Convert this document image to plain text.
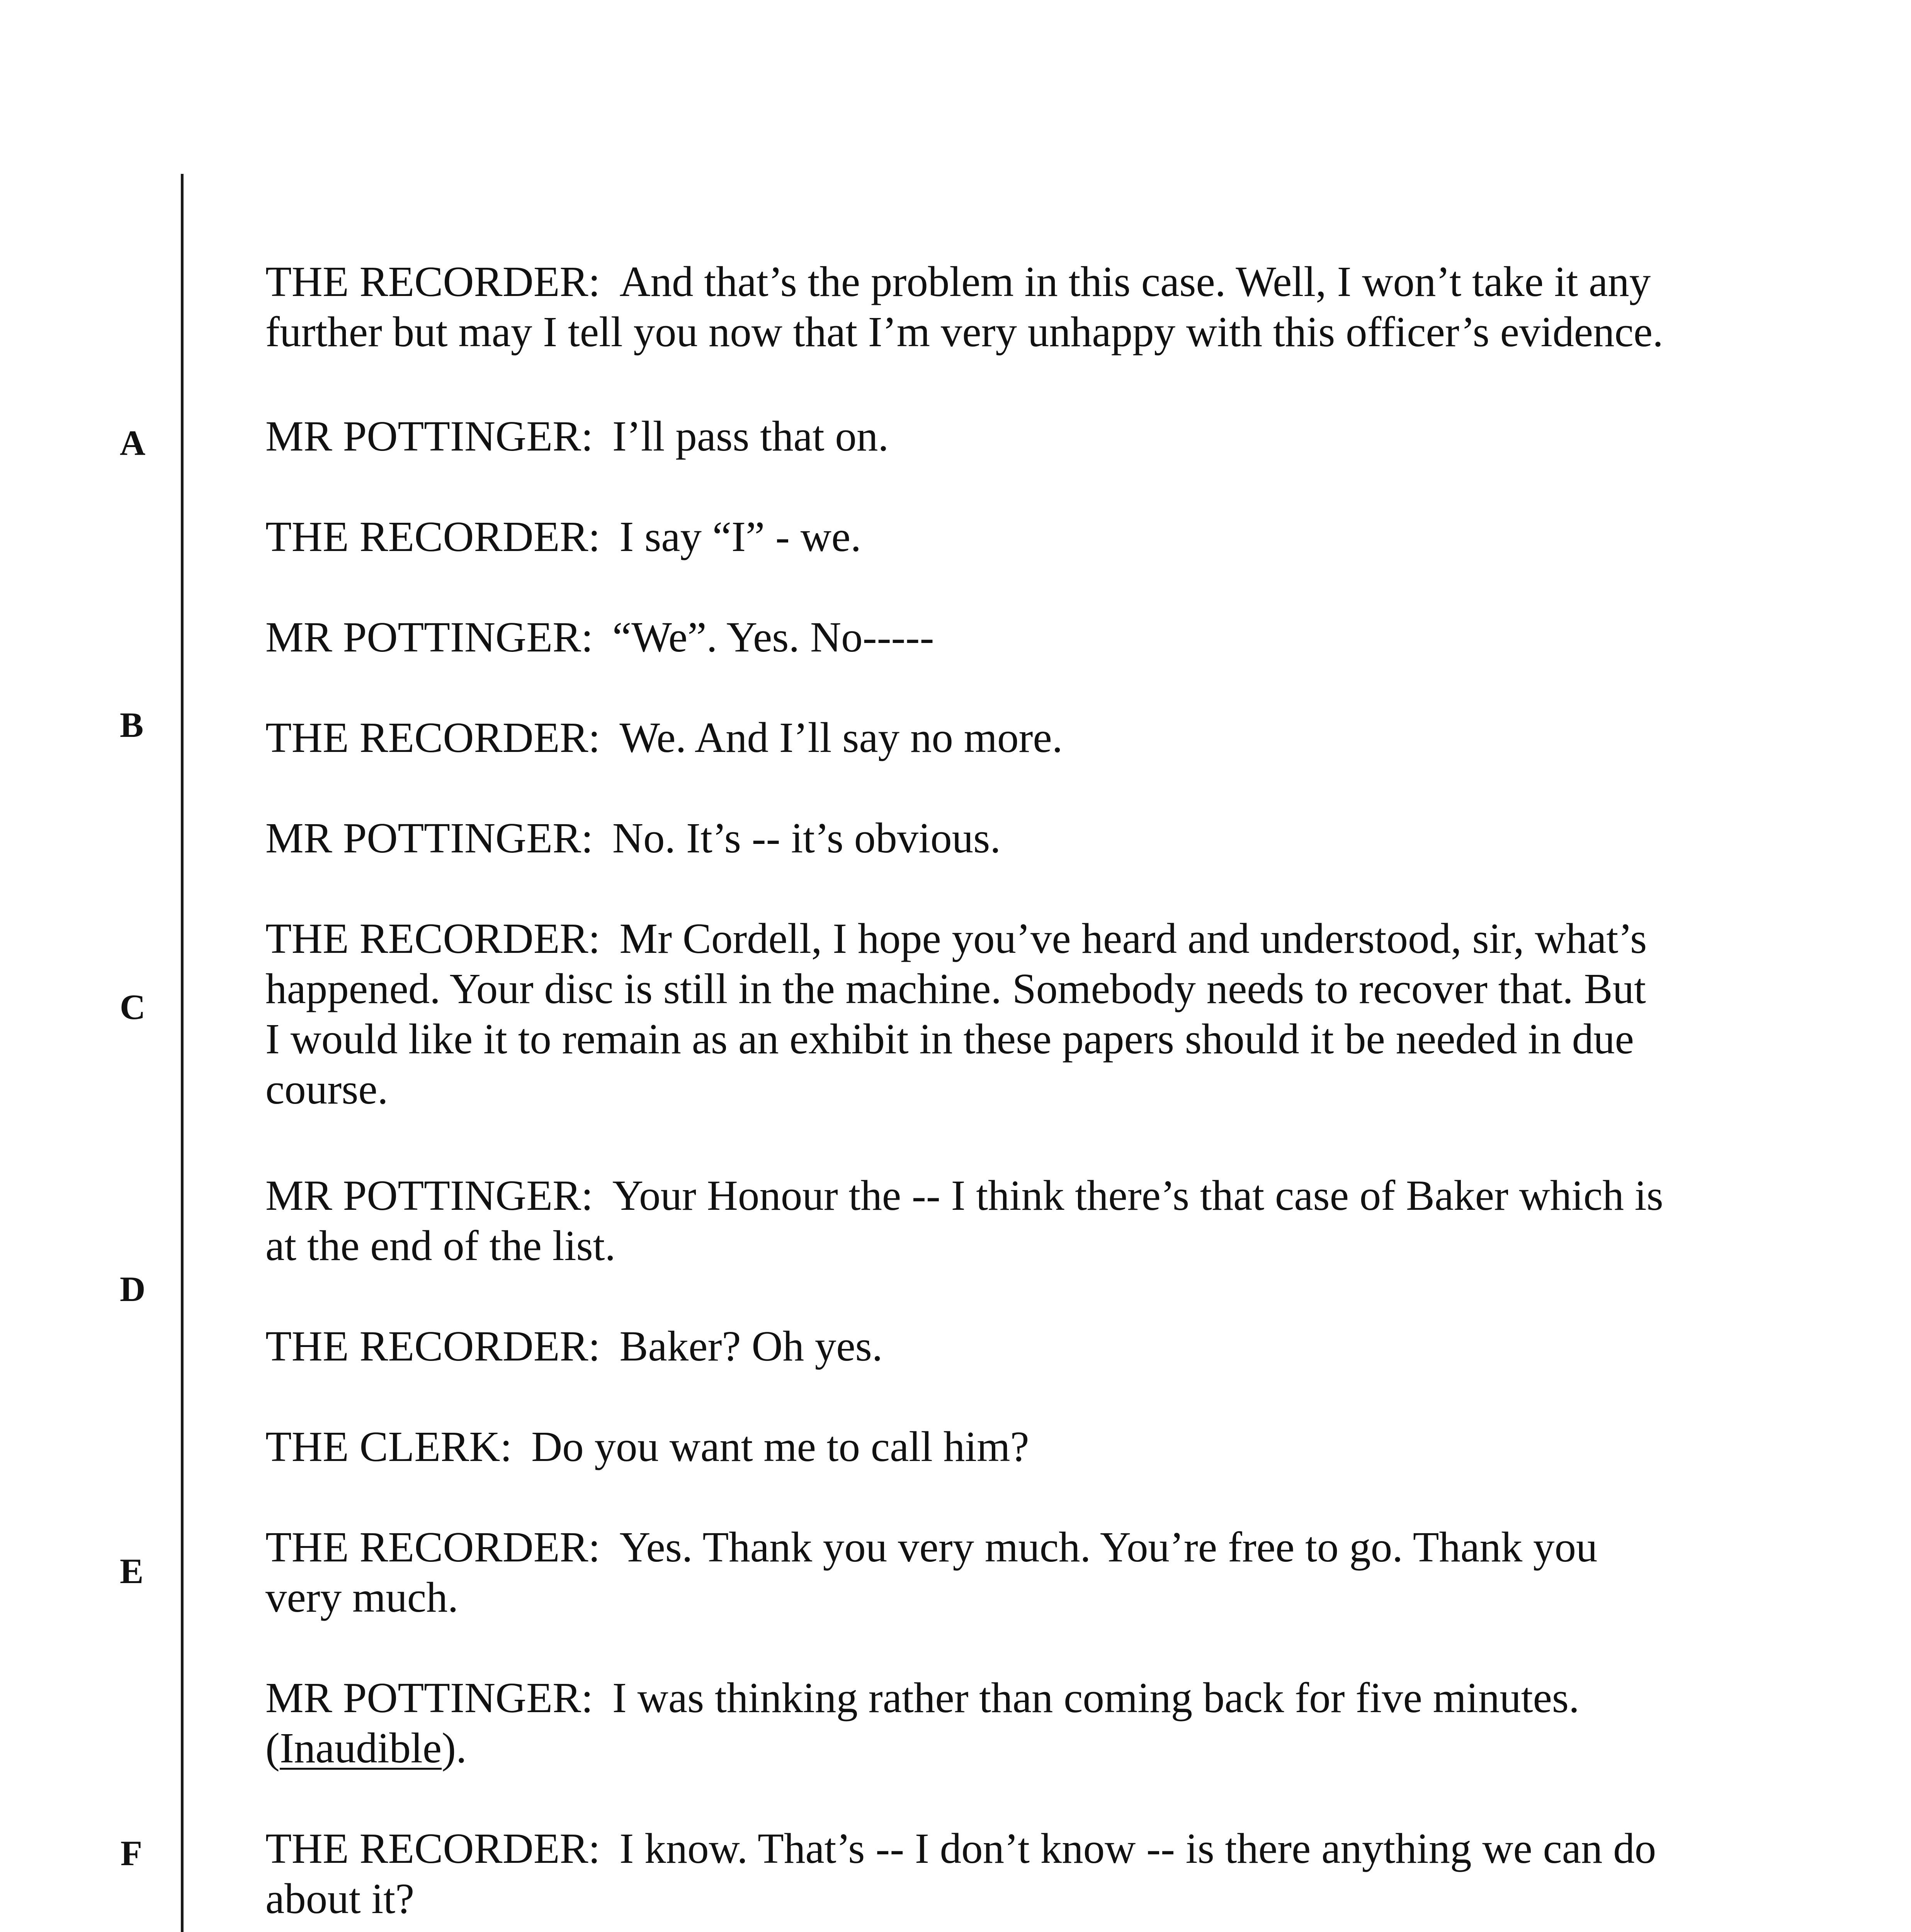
A
B
C
D
E
F
THE RECORDER: And that’s the problem in this case. Well, I won’t take it any
further but may I tell you now that I’m very unhappy with this officer’s evidence.
MR POTTINGER: I’ll pass that on.
THE RECORDER: I say “I” - we.
MR POTTINGER: “We”. Yes. No-----
THE RECORDER: We. And I’ll say no more.
MR POTTINGER: No. It’s -- it’s obvious.
THE RECORDER: Mr Cordell, I hope you’ve heard and understood, sir, what’s
happened. Your disc is still in the machine. Somebody needs to recover that. But
I would like it to remain as an exhibit in these papers should it be needed in due
course.
MR POTTINGER: Your Honour the -- I think there’s that case of Baker which is
at the end of the list.
THE RECORDER: Baker? Oh yes.
THE CLERK: Do you want me to call him?
THE RECORDER: Yes. Thank you very much. You’re free to go. Thank you
very much.
MR POTTINGER: I was thinking rather than coming back for five minutes.
(Inaudible).
THE RECORDER: I know. That’s -- I don’t know -- is there anything we can do
about it?
